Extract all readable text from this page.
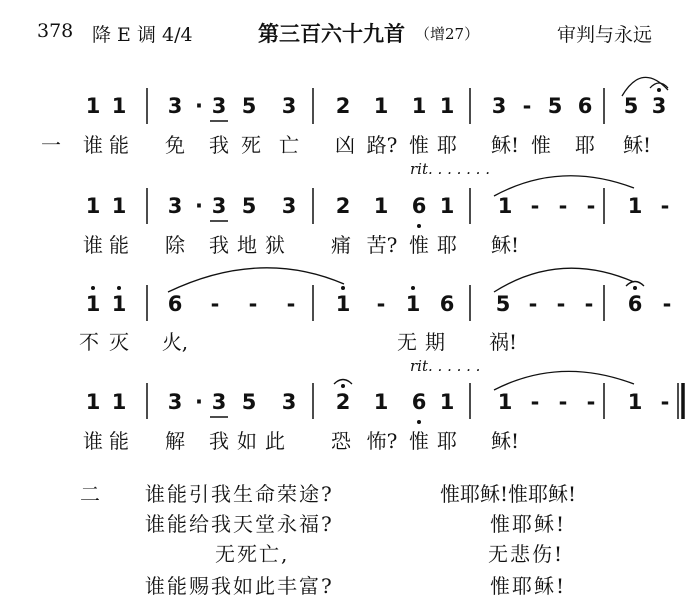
378 降 E 调 4/4	第三百六十九首 （增27）	审判与永远
1 1 3 · 3 5 3 2 1 1 1 3 - 5 6 5 3
一 谁 能 免 我 死 亡 凶 路? 惟 耶 稣! 惟 耶 稣!
rit. . . . . . .
1 1 3 · 3 5 3 2 1 6 1 1 - - - 1 -
谁 能 除 我 地 狱 痛 苦? 惟 耶 稣!
1 1 6 - - - 1 - 1 6 5 - - - 6 -
不 灭 火,	无 期 祸!
rit. . . . . .
1 1 3 · 3 5 3 2 1 6 1 1 - - - 1 -
谁 能 解 我 如 此 恐 怖? 惟 耶 稣!
二 谁能引我生命荣途?	惟耶稣!惟耶稣!
谁能给我天堂永福?	惟耶稣!
无死亡,	无悲伤!
谁能赐我如此丰富?	惟耶稣!
